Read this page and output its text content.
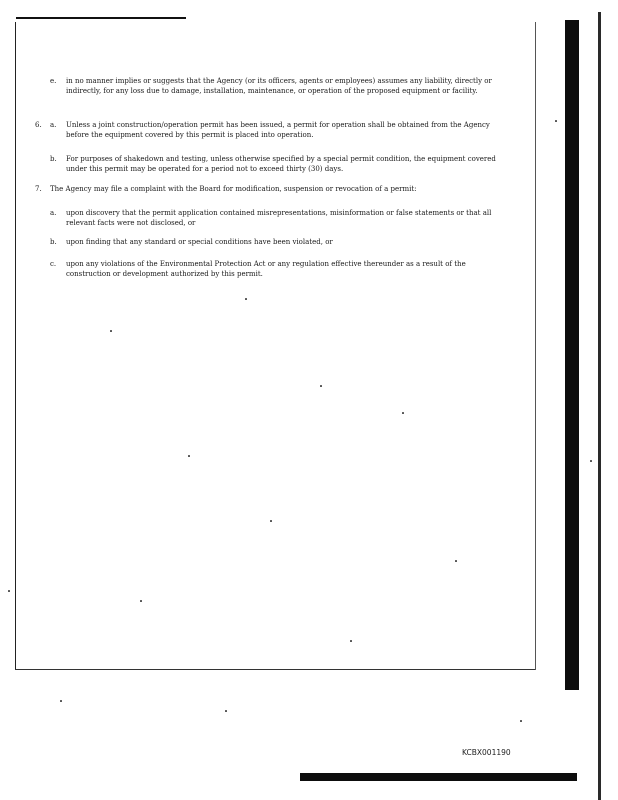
e. in no manner implies or suggests that the Agency (or its officers, agents or employees) assumes any liability, directly or indirectly, for any loss due to damage, installation, maintenance, or operation of the proposed equipment or facility.
6. a. Unless a joint construction/operation permit has been issued, a permit for operation shall be obtained from the Agency before the equipment covered by this permit is placed into operation.
b. For purposes of shakedown and testing, unless otherwise specified by a special permit condition, the equipment covered under this permit may be operated for a period not to exceed thirty (30) days.
7. The Agency may file a complaint with the Board for modification, suspension or revocation of a permit:
a. upon discovery that the permit application contained misrepresentations, misinformation or false statements or that all relevant facts were not disclosed, or
b. upon finding that any standard or special conditions have been violated, or
c. upon any violations of the Environmental Protection Act or any regulation effective thereunder as a result of the construction or development authorized by this permit.
KCBX001190
